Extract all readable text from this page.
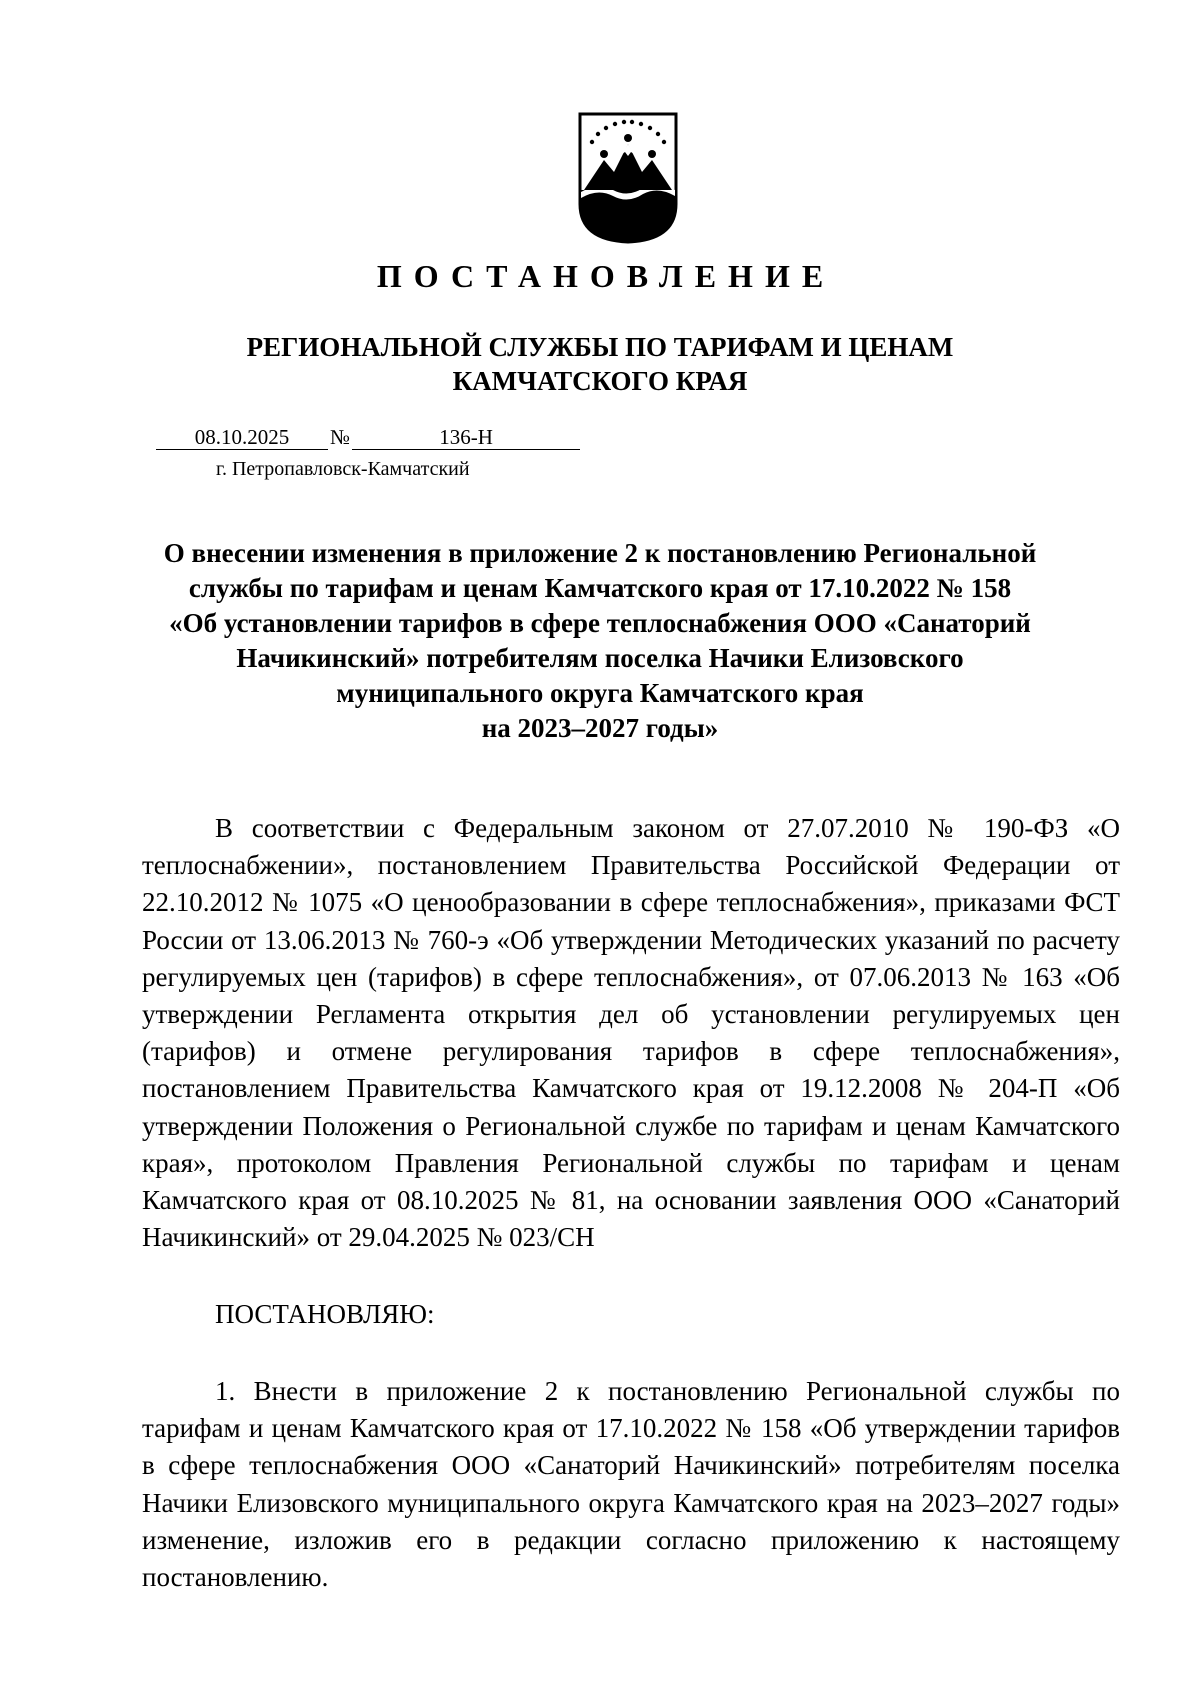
ПОСТАНОВЛЕНИЕ
РЕГИОНАЛЬНОЙ СЛУЖБЫ ПО ТАРИФАМ И ЦЕНАМ
КАМЧАТСКОГО КРАЯ
08.10.2025 №	136-Н
г. Петропавловск-Камчатский
О внесении изменения в приложение 2 к постановлению Региональной
службы по тарифам и ценам Камчатского края от 17.10.2022 № 158
«Об установлении тарифов в сфере теплоснабжения ООО «Санаторий
Начикинский» потребителям поселка Начики Елизовского
муниципального округа Камчатского края
на 2023–2027 годы»

В соответствии с Федеральным законом от 27.07.2010 № 190-ФЗ «О теплоснабжении», постановлением Правительства Российской Федерации от 22.10.2012 № 1075 «О ценообразовании в сфере теплоснабжения», приказами ФСТ России от 13.06.2013 № 760-э «Об утверждении Методических указаний по расчету регулируемых цен (тарифов) в сфере теплоснабжения», от 07.06.2013 № 163 «Об утверждении Регламента открытия дел об установлении регулируемых цен (тарифов) и отмене регулирования тарифов в сфере теплоснабжения», постановлением Правительства Камчатского края от 19.12.2008 № 204-П «Об утверждении Положения о Региональной службе по тарифам и ценам Камчатского края», протоколом Правления Региональной службы по тарифам и ценам Камчатского края от 08.10.2025 № 81, на основании заявления ООО «Санаторий Начикинский» от 29.04.2025 № 023/СН

ПОСТАНОВЛЯЮ:

1. Внести в приложение 2 к постановлению Региональной службы по тарифам и ценам Камчатского края от 17.10.2022 № 158 «Об утверждении тарифов в сфере теплоснабжения ООО «Санаторий Начикинский» потребителям поселка Начики Елизовского муниципального округа Камчатского края на 2023–2027 годы» изменение, изложив его в редакции согласно приложению к настоящему постановлению.
